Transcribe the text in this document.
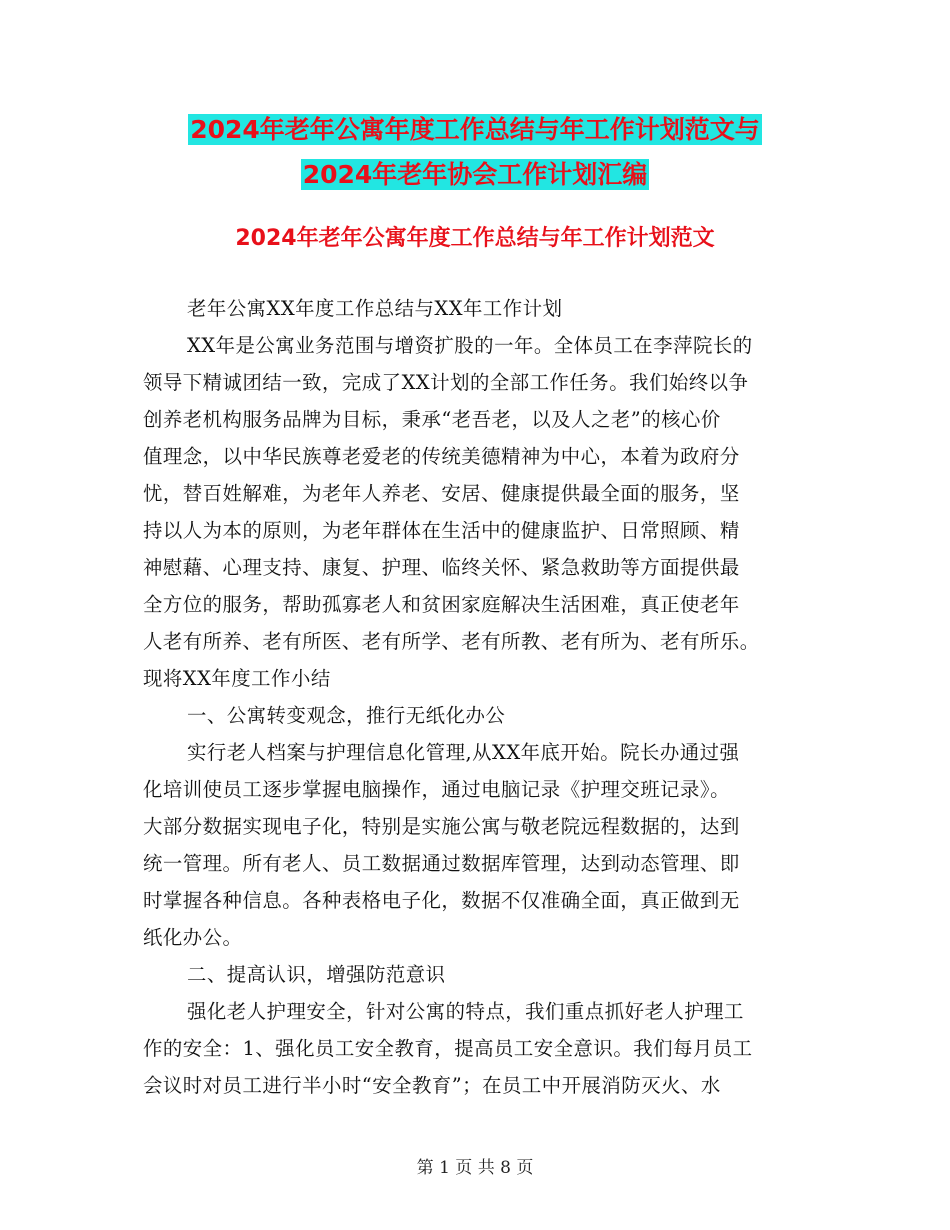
2024年老年公寓年度工作总结与年工作计划范文与
2024年老年协会工作计划汇编
2024年老年公寓年度工作总结与年工作计划范文
老年公寓XX年度工作总结与XX年工作计划
XX年是公寓业务范围与增资扩股的一年。全体员工在李萍院长的
领导下精诚团结一致，完成了XX计划的全部工作任务。我们始终以争
创养老机构服务品牌为目标，秉承“老吾老，以及人之老”的核心价
值理念，以中华民族尊老爱老的传统美德精神为中心，本着为政府分
忧，替百姓解难，为老年人养老、安居、健康提供最全面的服务，坚
持以人为本的原则，为老年群体在生活中的健康监护、日常照顾、精
神慰藉、心理支持、康复、护理、临终关怀、紧急救助等方面提供最
全方位的服务，帮助孤寡老人和贫困家庭解决生活困难，真正使老年
人老有所养、老有所医、老有所学、老有所教、老有所为、老有所乐。
现将XX年度工作小结
一、公寓转变观念，推行无纸化办公
实行老人档案与护理信息化管理,从XX年底开始。院长办通过强
化培训使员工逐步掌握电脑操作，通过电脑记录《护理交班记录》。
大部分数据实现电子化，特别是实施公寓与敬老院远程数据的，达到
统一管理。所有老人、员工数据通过数据库管理，达到动态管理、即
时掌握各种信息。各种表格电子化，数据不仅准确全面，真正做到无
纸化办公。
二、提高认识，增强防范意识
强化老人护理安全，针对公寓的特点，我们重点抓好老人护理工
作的安全：1、强化员工安全教育，提高员工安全意识。我们每月员工
会议时对员工进行半小时“安全教育”；在员工中开展消防灭火、水
第 1 页 共 8 页
